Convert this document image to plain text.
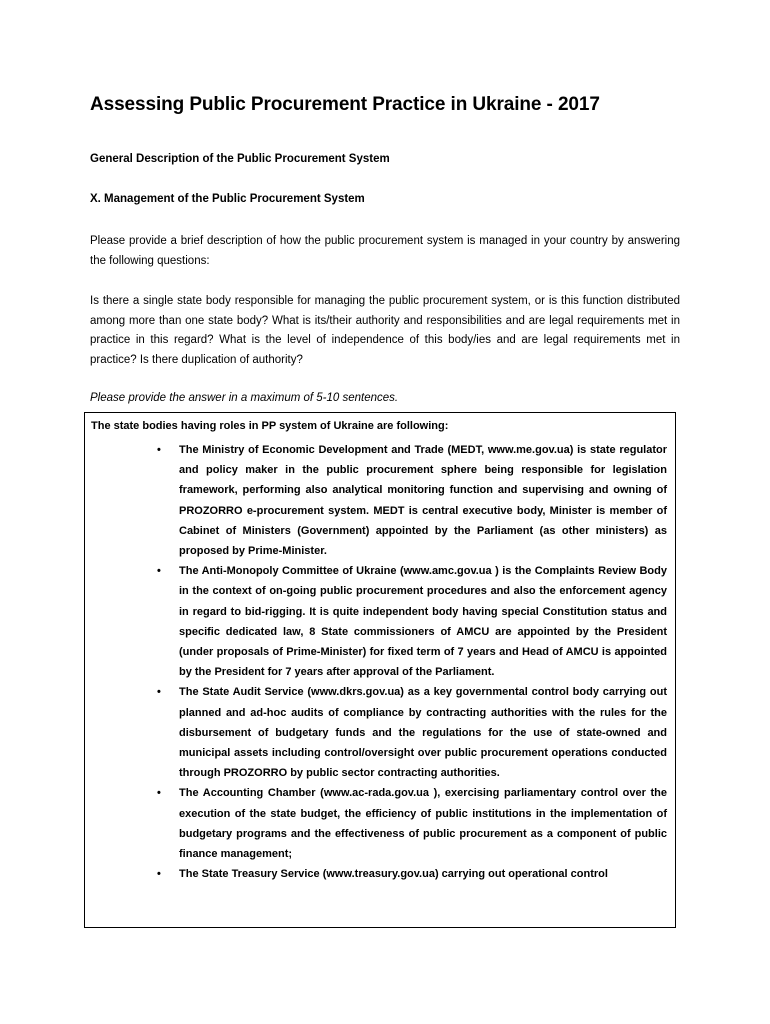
Assessing Public Procurement Practice in Ukraine - 2017
General Description of the Public Procurement System
X. Management of the Public Procurement System
Please provide a brief description of how the public procurement system is managed in your country by answering the following questions:
Is there a single state body responsible for managing the public procurement system, or is this function distributed among more than one state body? What is its/their authority and responsibilities and are legal requirements met in practice in this regard? What is the level of independence of this body/ies and are legal requirements met in practice? Is there duplication of authority?
Please provide the answer in a maximum of 5-10 sentences.
The state bodies having roles in PP system of Ukraine are following:
• The Ministry of Economic Development and Trade (MEDT, www.me.gov.ua) is state regulator and policy maker in the public procurement sphere being responsible for legislation framework, performing also analytical monitoring function and supervising and owning of PROZORRO e-procurement system. MEDT is central executive body, Minister is member of Cabinet of Ministers (Government) appointed by the Parliament (as other ministers) as proposed by Prime-Minister.
• The Anti-Monopoly Committee of Ukraine (www.amc.gov.ua ) is the Complaints Review Body in the context of on-going public procurement procedures and also the enforcement agency in regard to bid-rigging. It is quite independent body having special Constitution status and specific dedicated law, 8 State commissioners of AMCU are appointed by the President (under proposals of Prime-Minister) for fixed term of 7 years and Head of AMCU is appointed by the President for 7 years after approval of the Parliament.
• The State Audit Service (www.dkrs.gov.ua) as a key governmental control body carrying out planned and ad-hoc audits of compliance by contracting authorities with the rules for the disbursement of budgetary funds and the regulations for the use of state-owned and municipal assets including control/oversight over public procurement operations conducted through PROZORRO by public sector contracting authorities.
• The Accounting Chamber (www.ac-rada.gov.ua ), exercising parliamentary control over the execution of the state budget, the efficiency of public institutions in the implementation of budgetary programs and the effectiveness of public procurement as a component of public finance management;
• The State Treasury Service (www.treasury.gov.ua) carrying out operational control
